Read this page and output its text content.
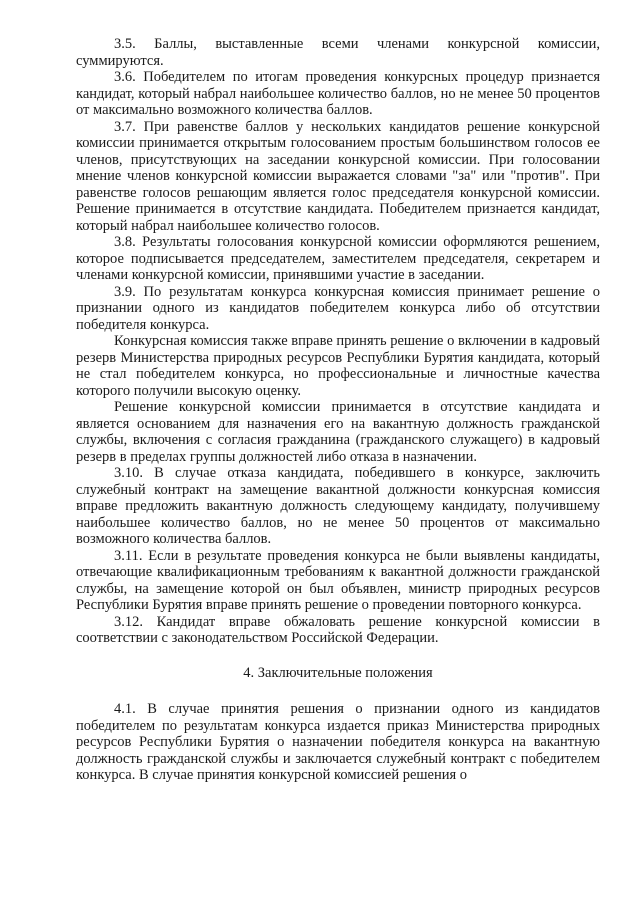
3.5. Баллы, выставленные всеми членами конкурсной комиссии, суммируются.

3.6. Победителем по итогам проведения конкурсных процедур признается кандидат, который набрал наибольшее количество баллов, но не менее 50 процентов от максимально возможного количества баллов.

3.7. При равенстве баллов у нескольких кандидатов решение конкурсной комиссии принимается открытым голосованием простым большинством голосов ее членов, присутствующих на заседании конкурсной комиссии. При голосовании мнение членов конкурсной комиссии выражается словами "за" или "против". При равенстве голосов решающим является голос председателя конкурсной комиссии. Решение принимается в отсутствие кандидата. Победителем признается кандидат, который набрал наибольшее количество голосов.

3.8. Результаты голосования конкурсной комиссии оформляются решением, которое подписывается председателем, заместителем председателя, секретарем и членами конкурсной комиссии, принявшими участие в заседании.

3.9. По результатам конкурса конкурсная комиссия принимает решение о признании одного из кандидатов победителем конкурса либо об отсутствии победителя конкурса.

Конкурсная комиссия также вправе принять решение о включении в кадровый резерв Министерства природных ресурсов Республики Бурятия кандидата, который не стал победителем конкурса, но профессиональные и личностные качества которого получили высокую оценку.

Решение конкурсной комиссии принимается в отсутствие кандидата и является основанием для назначения его на вакантную должность гражданской службы, включения с согласия гражданина (гражданского служащего) в кадровый резерв в пределах группы должностей либо отказа в назначении.

3.10. В случае отказа кандидата, победившего в конкурсе, заключить служебный контракт на замещение вакантной должности конкурсная комиссия вправе предложить вакантную должность следующему кандидату, получившему наибольшее количество баллов, но не менее 50 процентов от максимально возможного количества баллов.

3.11. Если в результате проведения конкурса не были выявлены кандидаты, отвечающие квалификационным требованиям к вакантной должности гражданской службы, на замещение которой он был объявлен, министр природных ресурсов Республики Бурятия вправе принять решение о проведении повторного конкурса.

3.12. Кандидат вправе обжаловать решение конкурсной комиссии в соответствии с законодательством Российской Федерации.

4. Заключительные положения

4.1. В случае принятия решения о признании одного из кандидатов победителем по результатам конкурса издается приказ Министерства природных ресурсов Республики Бурятия о назначении победителя конкурса на вакантную должность гражданской службы и заключается служебный контракт с победителем конкурса. В случае принятия конкурсной комиссией решения о
